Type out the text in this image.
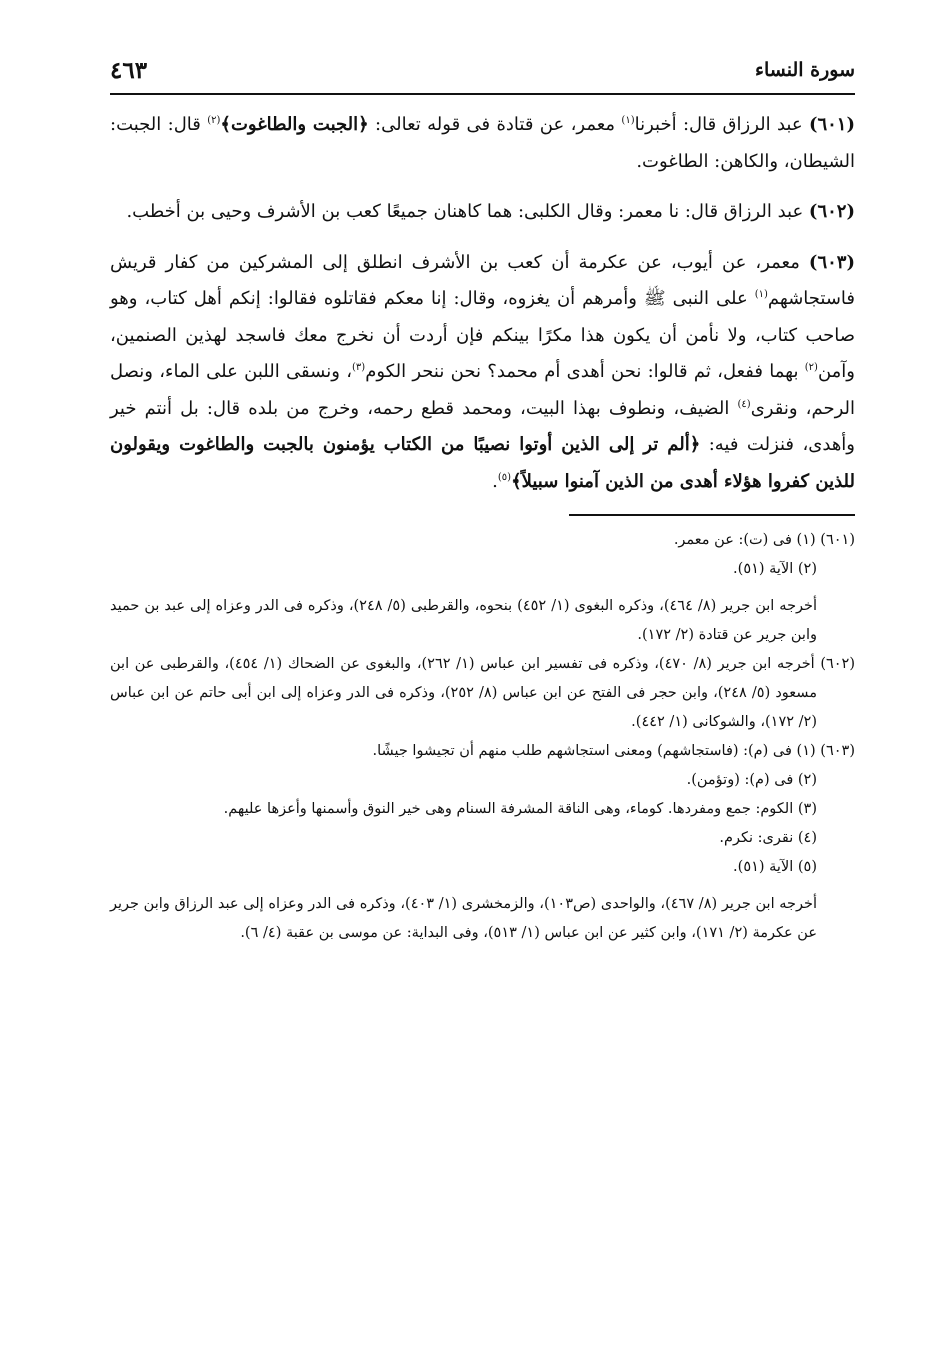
سورة النساء
٤٦٣

(٦٠١) عبد الرزاق قال: أخبرنا$^{(١)}$ معمر، عن قتادة فى قوله تعالى: ﴿الجبت والطاغوت﴾$^{(٢)}$ قال: الجبت: الشيطان، والكاهن: الطاغوت.

(٦٠٢) عبد الرزاق قال: نا معمر: وقال الكلبى: هما كاهنان جميعًا كعب بن الأشرف وحيى بن أخطب.

(٦٠٣) معمر، عن أيوب، عن عكرمة أن كعب بن الأشرف انطلق إلى المشركين من كفار قريش فاستجاشهم$^{(١)}$ على النبى ﷺ وأمرهم أن يغزوه، وقال: إنا معكم فقاتلوه فقالوا: إنكم أهل كتاب، وهو صاحب كتاب، ولا نأمن أن يكون هذا مكرًا بينكم فإن أردت أن نخرج معك فاسجد لهذين الصنمين، وآمن$^{(٢)}$ بهما ففعل، ثم قالوا: نحن أهدى أم محمد؟ نحن ننحر الكوم$^{(٣)}$، ونسقى اللبن على الماء، ونصل الرحم، ونقرى$^{(٤)}$ الضيف، ونطوف بهذا البيت، ومحمد قطع رحمه، وخرج من بلده قال: بل أنتم خير وأهدى، فنزلت فيه: ﴿ألم تر إلى الذين أوتوا نصيبًا من الكتاب يؤمنون بالجبت والطاغوت ويقولون للذين كفروا هؤلاء أهدى من الذين آمنوا سبيلاً﴾$^{(٥)}$.

(٦٠١) (١) فى (ت): عن معمر.
(٢) الآية (٥١).
أخرجه ابن جرير (٨/ ٤٦٤)، وذكره البغوى (١/ ٤٥٢) بنحوه، والقرطبى (٥/ ٢٤٨)، وذكره فى الدر وعزاه إلى عبد بن حميد وابن جرير عن قتادة (٢/ ١٧٢).
(٦٠٢) أخرجه ابن جرير (٨/ ٤٧٠)، وذكره فى تفسير ابن عباس (١/ ٢٦٢)، والبغوى عن الضحاك (١/ ٤٥٤)، والقرطبى عن ابن مسعود (٥/ ٢٤٨)، وابن حجر فى الفتح عن ابن عباس (٨/ ٢٥٢)، وذكره فى الدر وعزاه إلى ابن أبى حاتم عن ابن عباس (٢/ ١٧٢)، والشوكانى (١/ ٤٤٢).
(٦٠٣) (١) فى (م): (فاستجاشهم) ومعنى استجاشهم طلب منهم أن تجيشوا جيشًا.
(٢) فى (م): (وتؤمن).
(٣) الكوم: جمع ومفردها. كوماء، وهى الناقة المشرفة السنام وهى خير النوق وأسمنها وأعزها عليهم.
(٤) نقرى: نكرم.
(٥) الآية (٥١).
أخرجه ابن جرير (٨/ ٤٦٧)، والواحدى (ص١٠٣)، والزمخشرى (١/ ٤٠٣)، وذكره فى الدر وعزاه إلى عبد الرزاق وابن جرير عن عكرمة (٢/ ١٧١)، وابن كثير عن ابن عباس (١/ ٥١٣)، وفى البداية: عن موسى بن عقبة (٤/ ٦).
